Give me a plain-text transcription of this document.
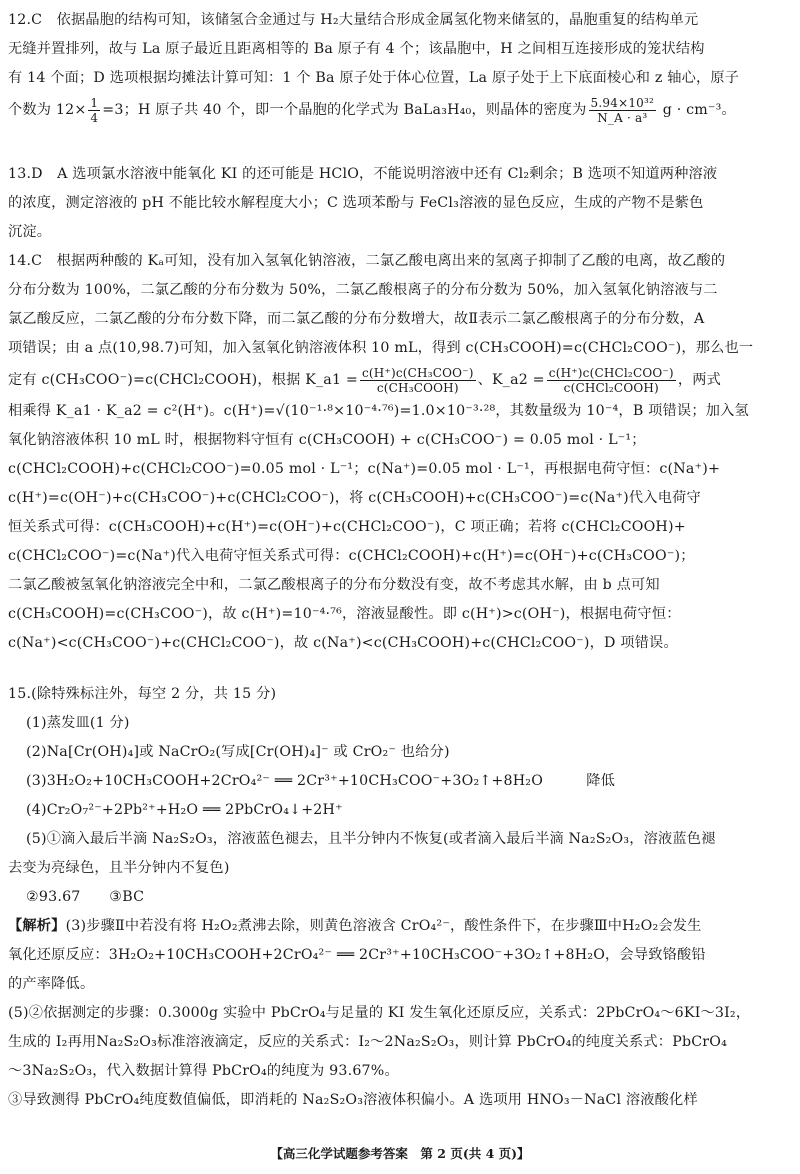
12.C　依据晶胞的结构可知，该储氢合金通过与 H₂大量结合形成金属氢化物来储氢的，晶胞重复的结构单元
无缝并置排列，故与 La 原子最近且距离相等的 Ba 原子有 4 个；该晶胞中，H 之间相互连接形成的笼状结构
有 14 个面；D 选项根据均摊法计算可知：1 个 Ba 原子处于体心位置，La 原子处于上下底面棱心和 z 轴心，原子
个数为 $12\times \frac{1}{4} =3$；H 原子共 40 个，即一个晶胞的化学式为 BaLa₃H₄₀，则晶体的密度为 $\frac{\text{5.94×10³²}}{\text{N\_A · a³}}$ g · cm⁻³。
13.D　A 选项氯水溶液中能氧化 KI 的还可能是 HClO，不能说明溶液中还有 Cl₂剩余；B 选项不知道两种溶液
的浓度，测定溶液的 pH 不能比较水解程度大小；C 选项苯酚与 FeCl₃溶液的显色反应，生成的产物不是紫色
沉淀。
14.C　根据两种酸的 Kₐ可知，没有加入氢氧化钠溶液，二氯乙酸电离出来的氢离子抑制了乙酸的电离，故乙酸的
分布分数为 100%，二氯乙酸的分布分数为 50%，二氯乙酸根离子的分布分数为 50%，加入氢氧化钠溶液与二
氯乙酸反应，二氯乙酸的分布分数下降，而二氯乙酸的分布分数增大，故Ⅱ表示二氯乙酸根离子的分布分数，A
项错误；由 a 点(10,98.7)可知，加入氢氧化钠溶液体积 10 mL，得到 c(CH₃COOH)=c(CHCl₂COO⁻)，那么也一
定有 c(CH₃COO⁻)=c(CHCl₂COOH)，根据 K_a1 = $\frac{\text{c(H⁺)c(CH₃COO⁻)}}{\text{c(CH₃COOH)}}$ 、K_a2 = $\frac{\text{c(H⁺)c(CHCl₂COO⁻)}}{\text{c(CHCl₂COOH)}}$ ，两式
相乘得 K_a1 · K_a2 = c²(H⁺)。c(H⁺)=√(10⁻¹·⁸×10⁻⁴·⁷⁶)=1.0×10⁻³·²⁸，其数量级为 10⁻⁴，B 项错误；加入氢
氧化钠溶液体积 10 mL 时，根据物料守恒有 c(CH₃COOH) + c(CH₃COO⁻) = 0.05 mol · L⁻¹；
c(CHCl₂COOH)+c(CHCl₂COO⁻)=0.05 mol · L⁻¹；c(Na⁺)=0.05 mol · L⁻¹，再根据电荷守恒：c(Na⁺)+
c(H⁺)=c(OH⁻)+c(CH₃COO⁻)+c(CHCl₂COO⁻)，将 c(CH₃COOH)+c(CH₃COO⁻)=c(Na⁺)代入电荷守
恒关系式可得：c(CH₃COOH)+c(H⁺)=c(OH⁻)+c(CHCl₂COO⁻)，C 项正确；若将 c(CHCl₂COOH)+
c(CHCl₂COO⁻)=c(Na⁺)代入电荷守恒关系式可得：c(CHCl₂COOH)+c(H⁺)=c(OH⁻)+c(CH₃COO⁻)；
二氯乙酸被氢氧化钠溶液完全中和，二氯乙酸根离子的分布分数没有变，故不考虑其水解，由 b 点可知
c(CH₃COOH)=c(CH₃COO⁻)，故 c(H⁺)=10⁻⁴·⁷⁶，溶液显酸性。即 c(H⁺)>c(OH⁻)，根据电荷守恒：
c(Na⁺)<c(CH₃COO⁻)+c(CHCl₂COO⁻)，故 c(Na⁺)<c(CH₃COOH)+c(CHCl₂COO⁻)，D 项错误。
15.(除特殊标注外，每空 2 分，共 15 分)
(1)蒸发皿(1 分)
(2)Na[Cr(OH)₄]或 NaCrO₂(写成[Cr(OH)₄]⁻ 或 CrO₂⁻ 也给分)
(3)3H₂O₂+10CH₃COOH+2CrO₄²⁻ ══ 2Cr³⁺+10CH₃COO⁻+3O₂↑+8H₂O　　　降低
(4)Cr₂O₇²⁻+2Pb²⁺+H₂O ══ 2PbCrO₄↓+2H⁺
(5)①滴入最后半滴 Na₂S₂O₃，溶液蓝色褪去，且半分钟内不恢复(或者滴入最后半滴 Na₂S₂O₃，溶液蓝色褪
去变为亮绿色，且半分钟内不复色)
②93.67　　③BC
【解析】(3)步骤Ⅱ中若没有将 H₂O₂煮沸去除，则黄色溶液含 CrO₄²⁻，酸性条件下，在步骤Ⅲ中H₂O₂会发生
氧化还原反应：3H₂O₂+10CH₃COOH+2CrO₄²⁻ ══ 2Cr³⁺+10CH₃COO⁻+3O₂↑+8H₂O，会导致铬酸铅
的产率降低。
(5)②依据测定的步骤：0.3000g 实验中 PbCrO₄与足量的 KI 发生氧化还原反应，关系式：2PbCrO₄～6KI～3I₂，
生成的 I₂再用Na₂S₂O₃标准溶液滴定，反应的关系式：I₂～2Na₂S₂O₃，则计算 PbCrO₄的纯度关系式：PbCrO₄
～3Na₂S₂O₃，代入数据计算得 PbCrO₄的纯度为 93.67%。
③导致测得 PbCrO₄纯度数值偏低，即消耗的 Na₂S₂O₃溶液体积偏小。A 选项用 HNO₃－NaCl 溶液酸化样
【高三化学试题参考答案　第 2 页(共 4 页)】
